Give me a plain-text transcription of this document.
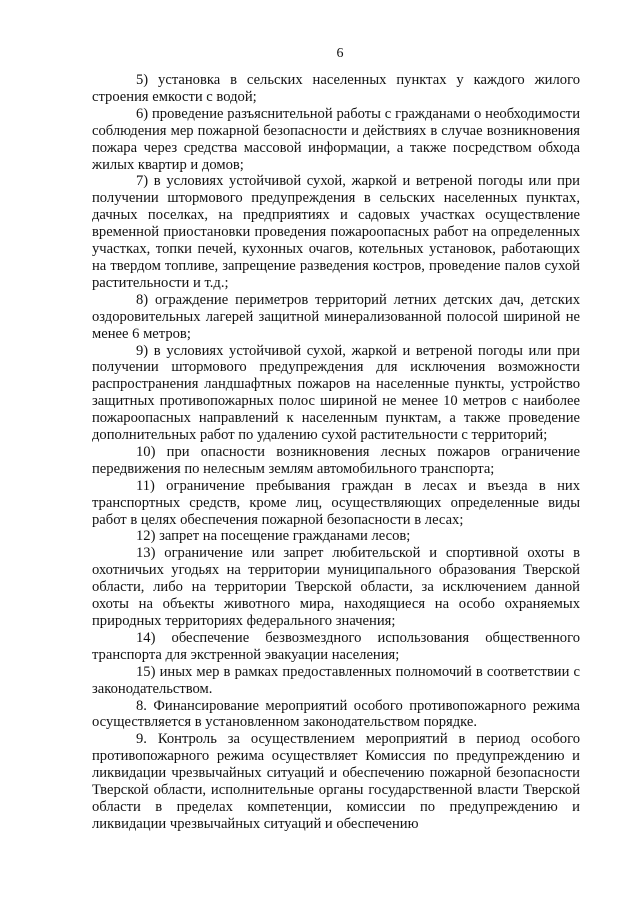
6

5) установка в сельских населенных пунктах у каждого жилого строения емкости с водой;

6) проведение разъяснительной работы с гражданами о необходимости соблюдения мер пожарной безопасности и действиях в случае возникновения пожара через средства массовой информации, а также посредством обхода жилых квартир и домов;

7) в условиях устойчивой сухой, жаркой и ветреной погоды или при получении штормового предупреждения в сельских населенных пунктах, дачных поселках, на предприятиях и садовых участках осуществление временной приостановки проведения пожароопасных работ на определенных участках, топки печей, кухонных очагов, котельных установок, работающих на твердом топливе, запрещение разведения костров, проведение палов сухой растительности и т.д.;

8) ограждение периметров территорий летних детских дач, детских оздоровительных лагерей защитной минерализованной полосой шириной не менее 6 метров;

9) в условиях устойчивой сухой, жаркой и ветреной погоды или при получении штормового предупреждения для исключения возможности распространения ландшафтных пожаров на населенные пункты, устройство защитных противопожарных полос шириной не менее 10 метров с наиболее пожароопасных направлений к населенным пунктам, а также проведение дополнительных работ по удалению сухой растительности с территорий;

10) при опасности возникновения лесных пожаров ограничение передвижения по нелесным землям автомобильного транспорта;

11) ограничение пребывания граждан в лесах и въезда в них транспортных средств, кроме лиц, осуществляющих определенные виды работ в целях обеспечения пожарной безопасности в лесах;

12) запрет на посещение гражданами лесов;

13) ограничение или запрет любительской и спортивной охоты в охотничьих угодьях на территории муниципального образования Тверской области, либо на территории Тверской области, за исключением данной охоты на объекты животного мира, находящиеся на особо охраняемых природных территориях федерального значения;

14) обеспечение безвозмездного использования общественного транспорта для экстренной эвакуации населения;

15) иных мер в рамках предоставленных полномочий в соответствии с законодательством.

8. Финансирование мероприятий особого противопожарного режима осуществляется в установленном законодательством порядке.

9. Контроль за осуществлением мероприятий в период особого противопожарного режима осуществляет Комиссия по предупреждению и ликвидации чрезвычайных ситуаций и обеспечению пожарной безопасности Тверской области, исполнительные органы государственной власти Тверской области в пределах компетенции, комиссии по предупреждению и ликвидации чрезвычайных ситуаций и обеспечению
